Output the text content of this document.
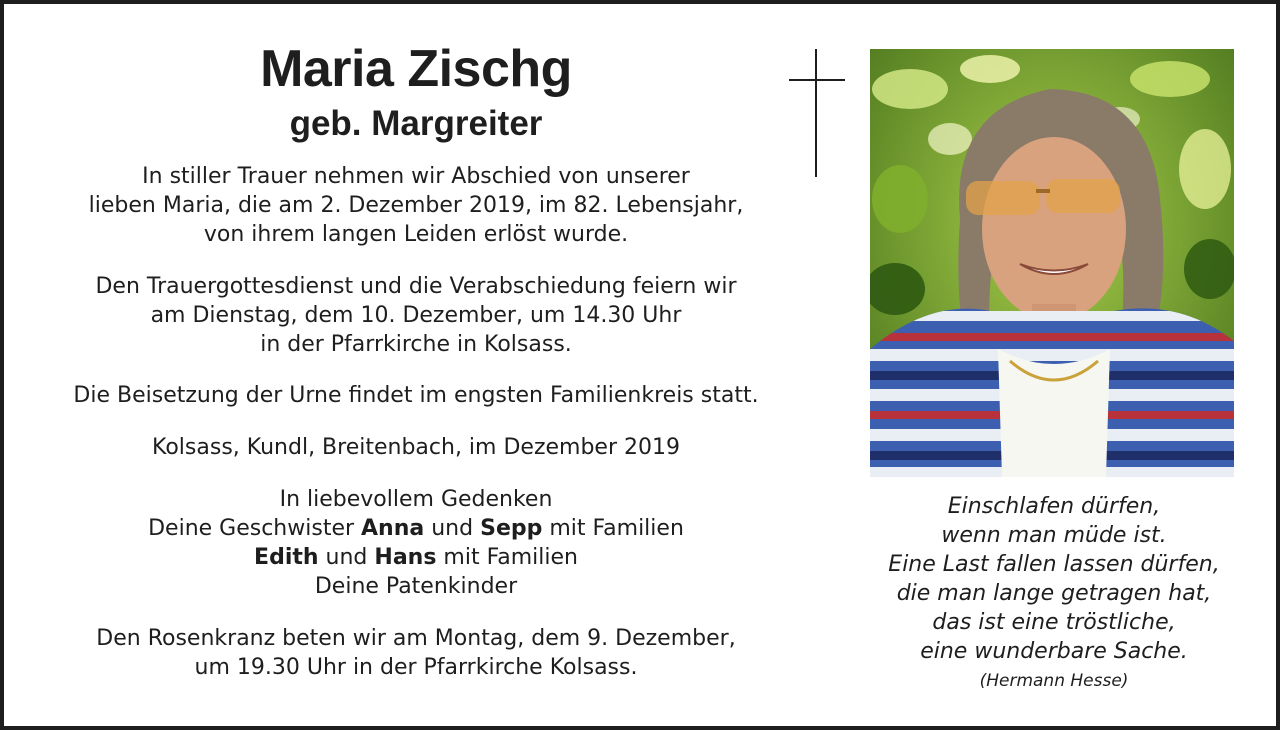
Maria Zischg
geb. Margreiter

In stiller Trauer nehmen wir Abschied von unserer
lieben Maria, die am 2. Dezember 2019, im 82. Lebensjahr,
von ihrem langen Leiden erlöst wurde.

Den Trauergottesdienst und die Verabschiedung feiern wir
am Dienstag, dem 10. Dezember, um 14.30 Uhr
in der Pfarrkirche in Kolsass.

Die Beisetzung der Urne findet im engsten Familienkreis statt.

Kolsass, Kundl, Breitenbach, im Dezember 2019

In liebevollem Gedenken
Deine Geschwister Anna und Sepp mit Familien
Edith und Hans mit Familien
Deine Patenkinder

Den Rosenkranz beten wir am Montag, dem 9. Dezember,
um 19.30 Uhr in der Pfarrkirche Kolsass.

Einschlafen dürfen,
wenn man müde ist.
Eine Last fallen lassen dürfen,
die man lange getragen hat,
das ist eine tröstliche,
eine wunderbare Sache.
(Hermann Hesse)
